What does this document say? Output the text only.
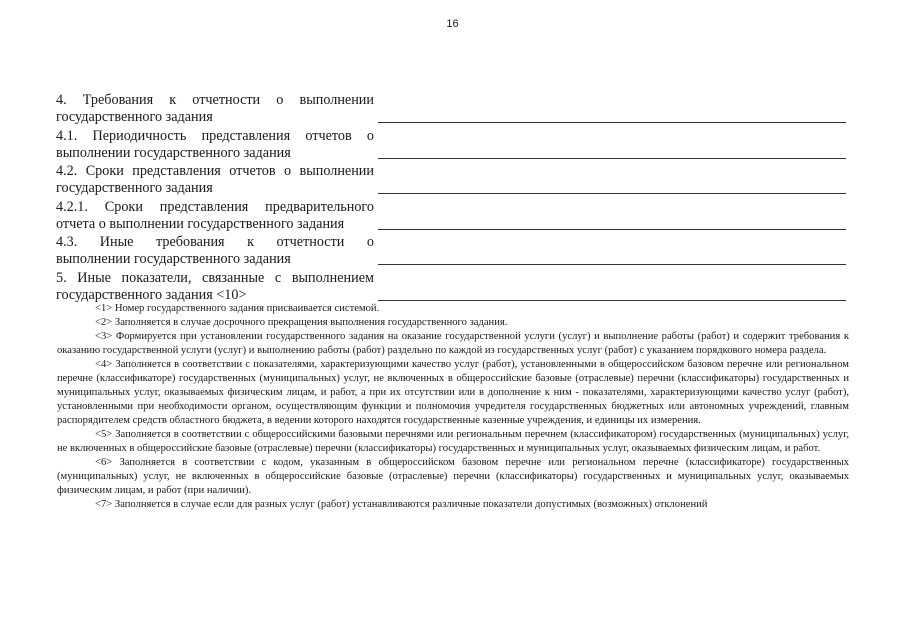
16
4. Требования к отчетности о выполнении
государственного задания
4.1. Периодичность представления отчетов о
выполнении государственного задания
4.2. Сроки представления отчетов о выполнении
государственного задания
4.2.1. Сроки представления предварительного
отчета о выполнении государственного задания
4.3. Иные требования к отчетности о
выполнении государственного задания
5. Иные показатели, связанные с выполнением
государственного задания <10>

<1> Номер государственного задания присваивается системой.

<2> Заполняется в случае досрочного прекращения выполнения государственного задания.

<3> Формируется при установлении государственного задания на оказание государственной услуги (услуг) и выполнение работы (работ) и содержит требования к оказанию государственной услуги (услуг) и выполнению работы (работ) раздельно по каждой из государственных услуг (работ) с указанием порядкового номера раздела.

<4> Заполняется в соответствии с показателями, характеризующими качество услуг (работ), установленными в общероссийском базовом перечне или региональном перечне (классификаторе) государственных (муниципальных) услуг, не включенных в общероссийские базовые (отраслевые) перечни (классификаторы) государственных и муниципальных услуг, оказываемых физическим лицам, и работ, а при их отсутствии или в дополнение к ним - показателями, характеризующими качество услуг (работ), установленными при необходимости органом, осуществляющим функции и полномочия учредителя государственных бюджетных или автономных учреждений, главным распорядителем средств областного бюджета, в ведении которого находятся государственные казенные учреждения, и единицы их измерения.

<5> Заполняется в соответствии с общероссийскими базовыми перечнями или региональным перечнем (классификатором) государственных (муниципальных) услуг, не включенных в общероссийские базовые (отраслевые) перечни (классификаторы) государственных и муниципальных услуг, оказываемых физическим лицам, и работ.

<6> Заполняется в соответствии с кодом, указанным в общероссийском базовом перечне или региональном перечне (классификаторе) государственных (муниципальных) услуг, не включенных в общероссийские базовые (отраслевые) перечни (классификаторы) государственных и муниципальных услуг, оказываемых физическим лицам, и работ (при наличии).

<7> Заполняется в случае если для разных услуг (работ) устанавливаются различные показатели допустимых (возможных) отклонений
